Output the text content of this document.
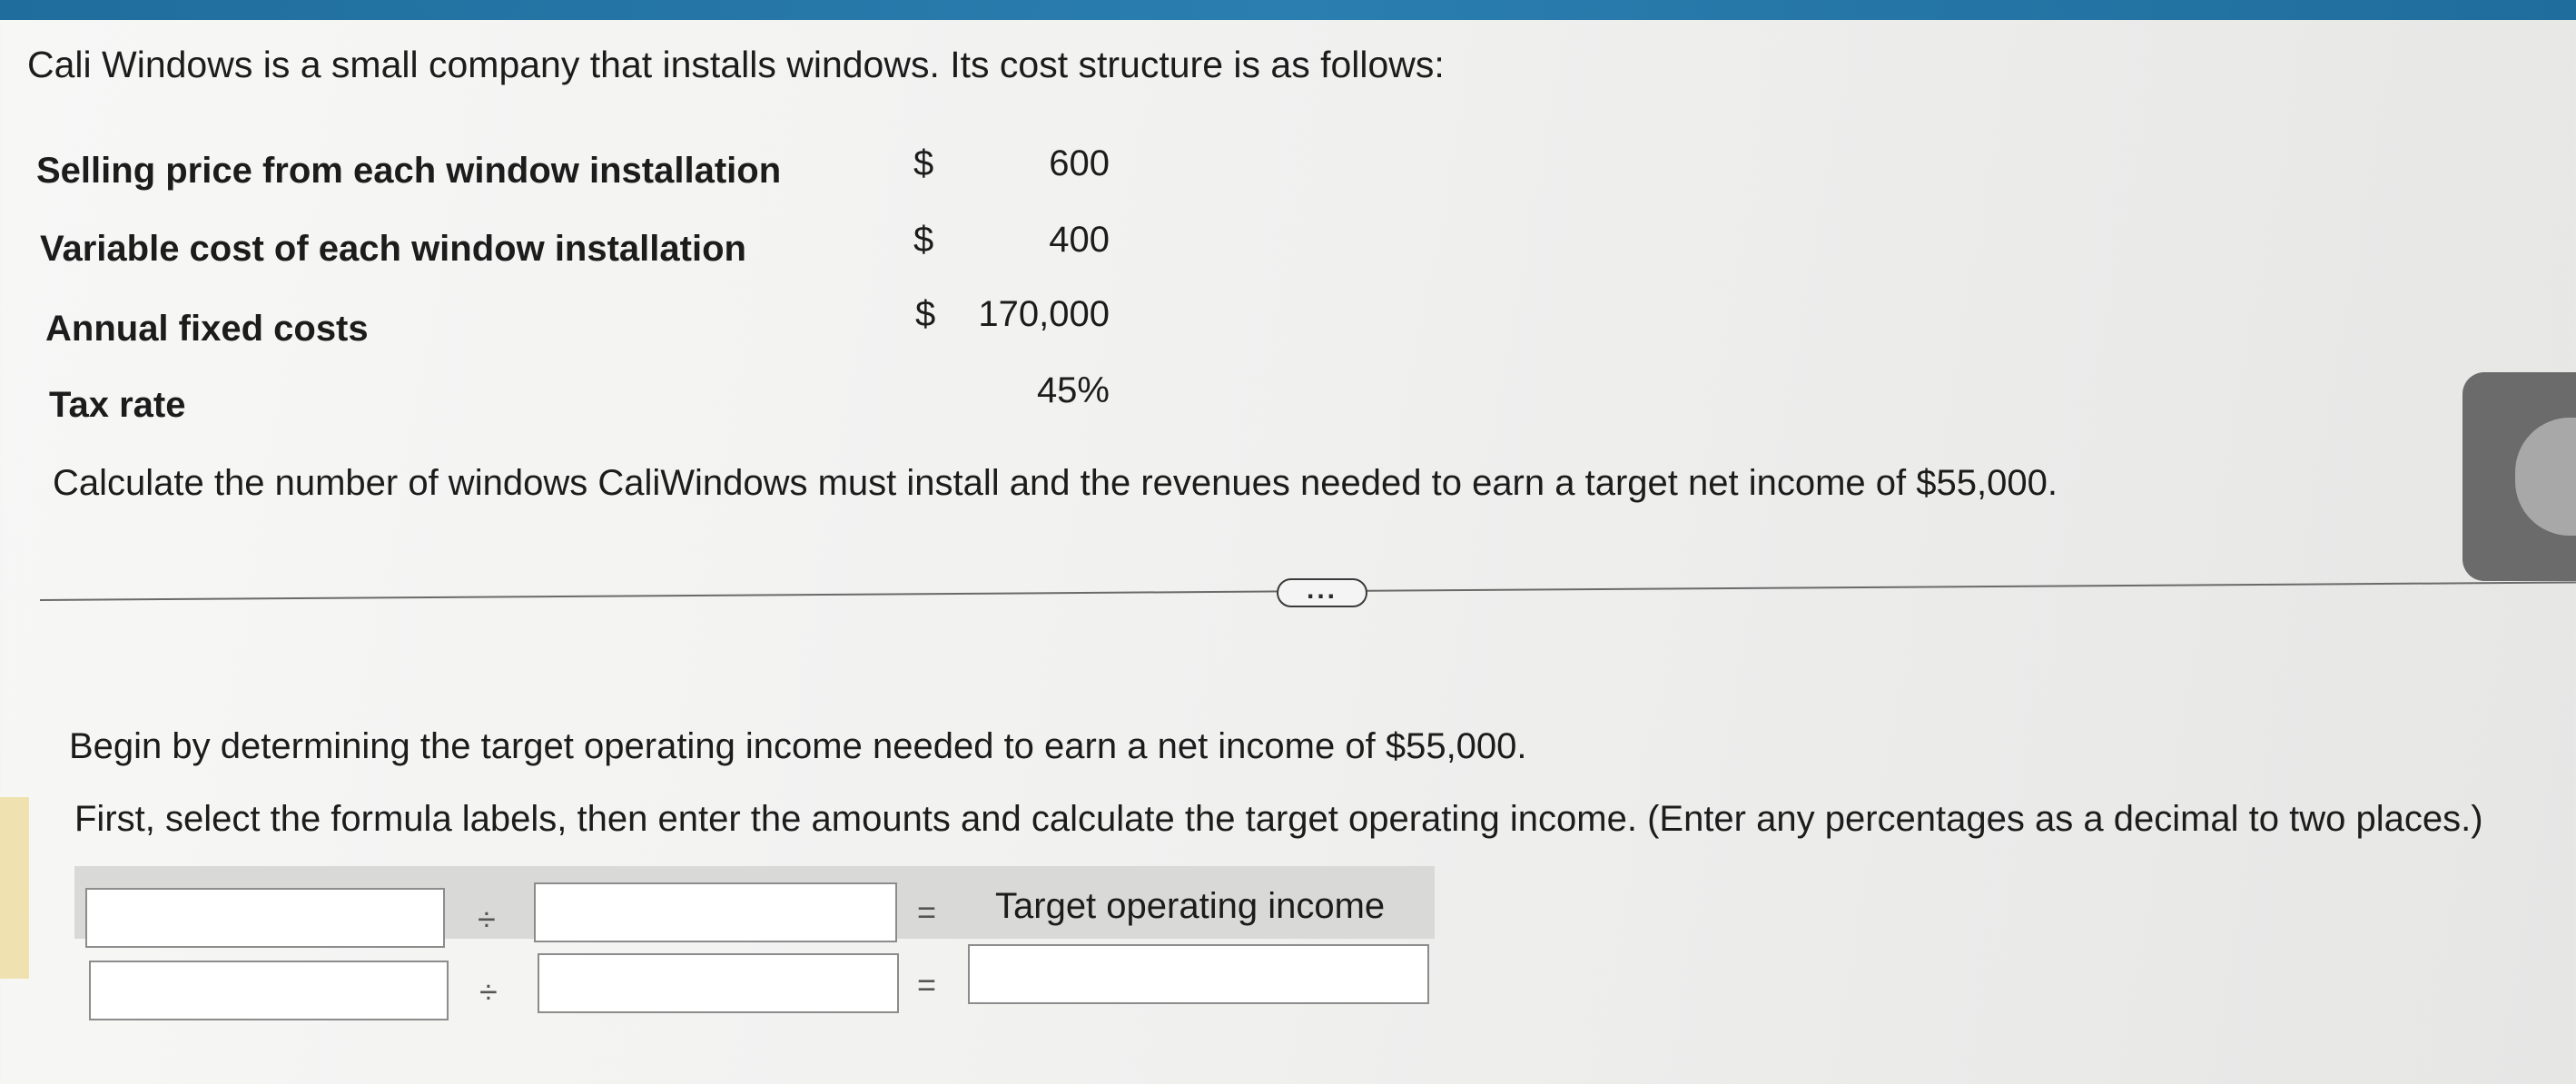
Cali Windows is a small company that installs windows. Its cost structure is as follows:
Selling price from each window installation	$	600
Variable cost of each window installation	$	400
Annual fixed costs	$	170,000
Tax rate	45%
Calculate the number of windows CaliWindows must install and the revenues needed to earn a target net income of $55,000.
...
Begin by determining the target operating income needed to earn a net income of $55,000.
First, select the formula labels, then enter the amounts and calculate the target operating income. (Enter any percentages as a decimal to two places.)
÷	= Target operating income
÷	=
